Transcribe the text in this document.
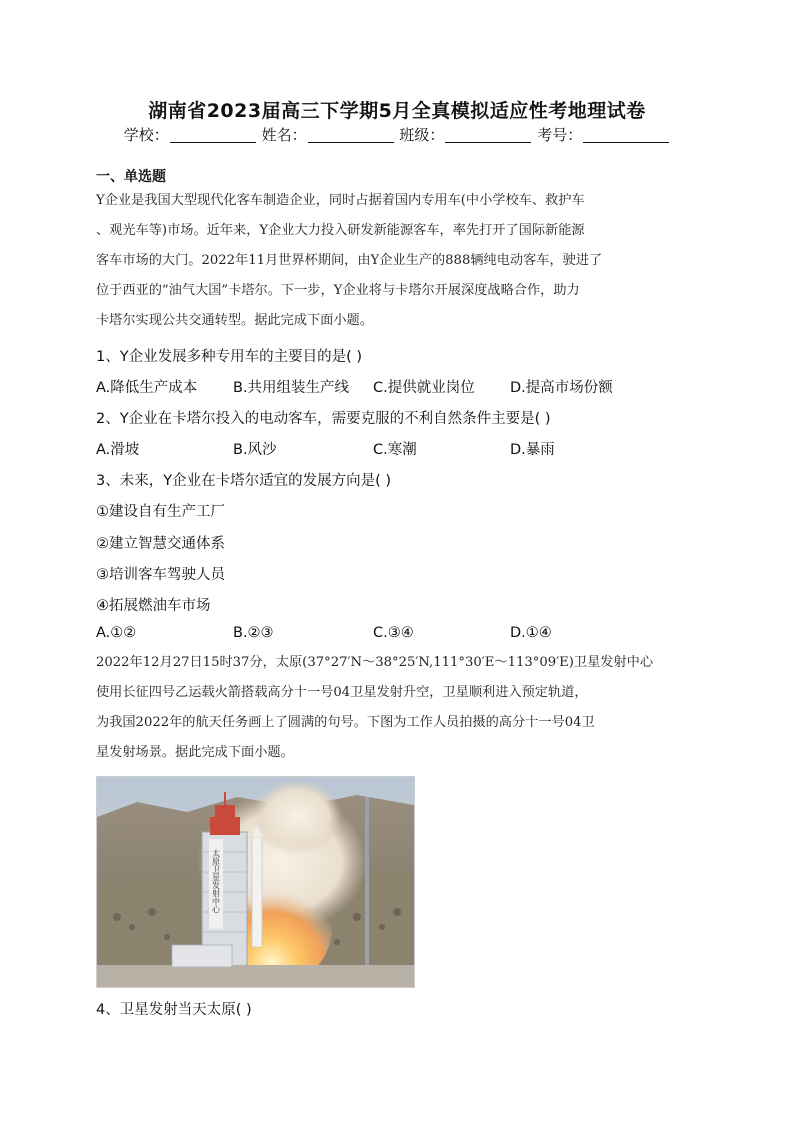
湖南省2023届高三下学期5月全真模拟适应性考地理试卷
学校：	姓名：	班级：	考号：
一、单选题
Y企业是我国大型现代化客车制造企业，同时占据着国内专用车(中小学校车、救护车
、观光车等)市场。近年来，Y企业大力投入研发新能源客车，率先打开了国际新能源
客车市场的大门。2022年11月世界杯期间，由Y企业生产的888辆纯电动客车，驶进了
位于西亚的“油气大国”卡塔尔。下一步，Y企业将与卡塔尔开展深度战略合作，助力
卡塔尔实现公共交通转型。据此完成下面小题。
1、Y企业发展多种专用车的主要目的是( )
A.降低生产成本 B.共用组装生产线 C.提供就业岗位 D.提高市场份额
2、Y企业在卡塔尔投入的电动客车，需要克服的不利自然条件主要是( )
A.滑坡	B.风沙	C.寒潮	D.暴雨
3、未来，Y企业在卡塔尔适宜的发展方向是( )
①建设自有生产工厂
②建立智慧交通体系
③培训客车驾驶人员
④拓展燃油车市场
A.①②	B.②③	C.③④	D.①④
2022年12月27日15时37分，太原(37°27′N～38°25′N,111°30′E～113°09′E)卫星发射中心
使用长征四号乙运载火箭搭载高分十一号04卫星发射升空，卫星顺利进入预定轨道，
为我国2022年的航天任务画上了圆满的句号。下图为工作人员拍摄的高分十一号04卫
星发射场景。据此完成下面小题。
太原卫星发射中心
4、卫星发射当天太原( )
